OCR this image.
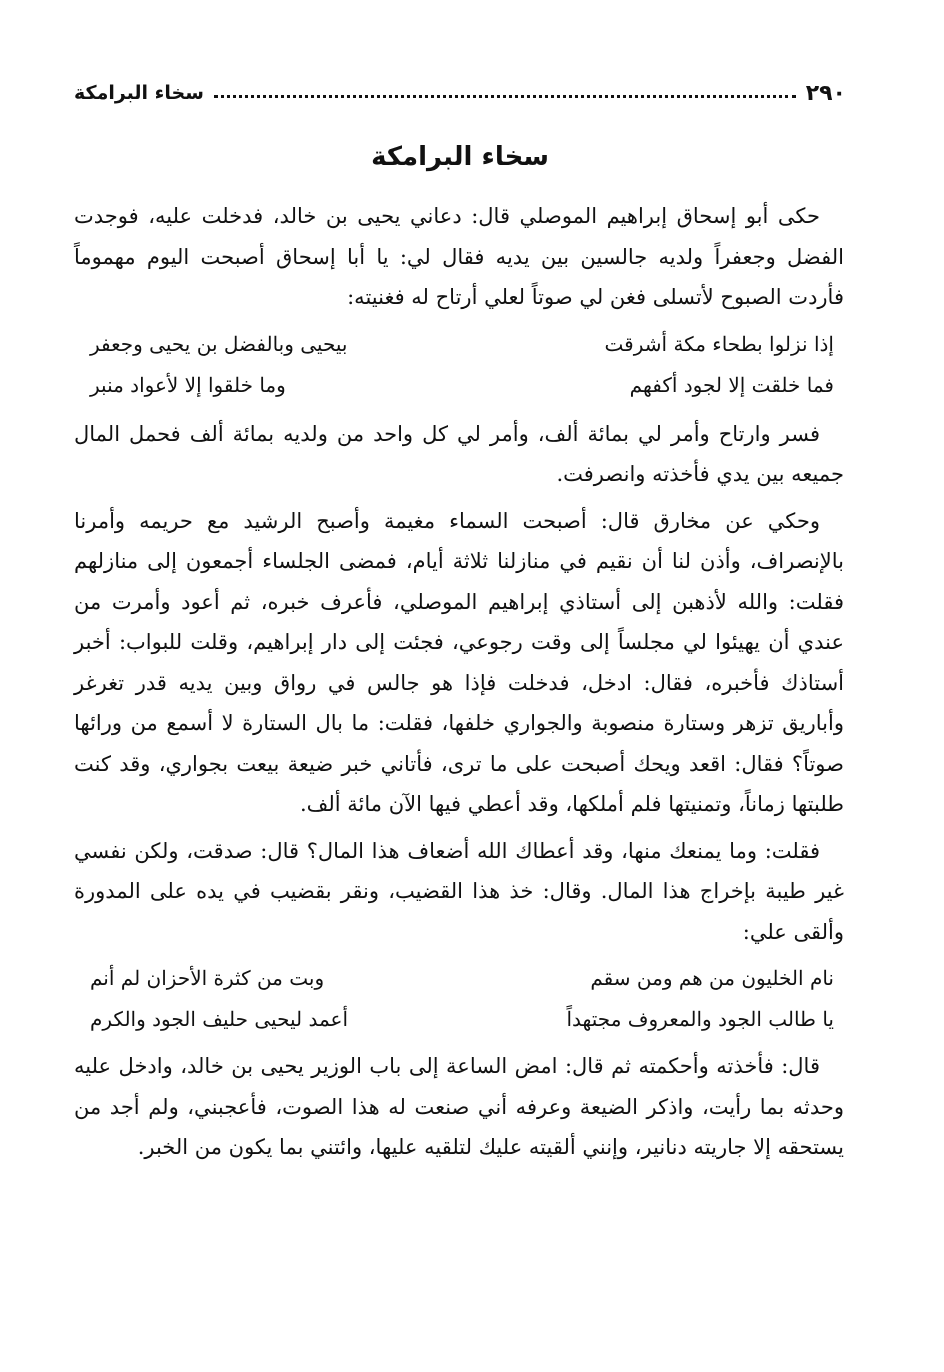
٢٩٠
سخاء البرامكة
سخاء البرامكة

حكى أبو إسحاق إبراهيم الموصلي قال: دعاني يحيى بن خالد، فدخلت عليه، فوجدت الفضل وجعفراً ولديه جالسين بين يديه فقال لي: يا أبا إسحاق أصبحت اليوم مهموماً فأردت الصبوح لأتسلى فغن لي صوتاً لعلي أرتاح له فغنيته:

إذا نزلوا بطحاء مكة أشرقت
بيحيى وبالفضل بن يحيى وجعفر
فما خلقت إلا لجود أكفهم
وما خلقوا إلا لأعواد منبر

فسر وارتاح وأمر لي بمائة ألف، وأمر لي كل واحد من ولديه بمائة ألف فحمل المال جميعه بين يدي فأخذته وانصرفت.

وحكي عن مخارق قال: أصبحت السماء مغيمة وأصبح الرشيد مع حريمه وأمرنا بالإنصراف، وأذن لنا أن نقيم في منازلنا ثلاثة أيام، فمضى الجلساء أجمعون إلى منازلهم فقلت: والله لأذهبن إلى أستاذي إبراهيم الموصلي، فأعرف خبره، ثم أعود وأمرت من عندي أن يهيئوا لي مجلساً إلى وقت رجوعي، فجئت إلى دار إبراهيم، وقلت للبواب: أخبر أستاذك فأخبره، فقال: ادخل، فدخلت فإذا هو جالس في رواق وبين يديه قدر تغرغر وأباريق تزهر وستارة منصوبة والجواري خلفها، فقلت: ما بال الستارة لا أسمع من ورائها صوتاً؟ فقال: اقعد ويحك أصبحت على ما ترى، فأتاني خبر ضيعة بيعت بجواري، وقد كنت طلبتها زماناً، وتمنيتها فلم أملكها، وقد أعطي فيها الآن مائة ألف.

فقلت: وما يمنعك منها، وقد أعطاك الله أضعاف هذا المال؟ قال: صدقت، ولكن نفسي غير طيبة بإخراج هذا المال. وقال: خذ هذا القضيب، ونقر بقضيب في يده على المدورة وألقى علي:

نام الخليون من هم ومن سقم
وبت من كثرة الأحزان لم أنم
يا طالب الجود والمعروف مجتهداً
أعمد ليحيى حليف الجود والكرم

قال: فأخذته وأحكمته ثم قال: امض الساعة إلى باب الوزير يحيى بن خالد، وادخل عليه وحدثه بما رأيت، واذكر الضيعة وعرفه أني صنعت له هذا الصوت، فأعجبني، ولم أجد من يستحقه إلا جاريته دنانير، وإنني ألقيته عليك لتلقيه عليها، وائتني بما يكون من الخبر.
